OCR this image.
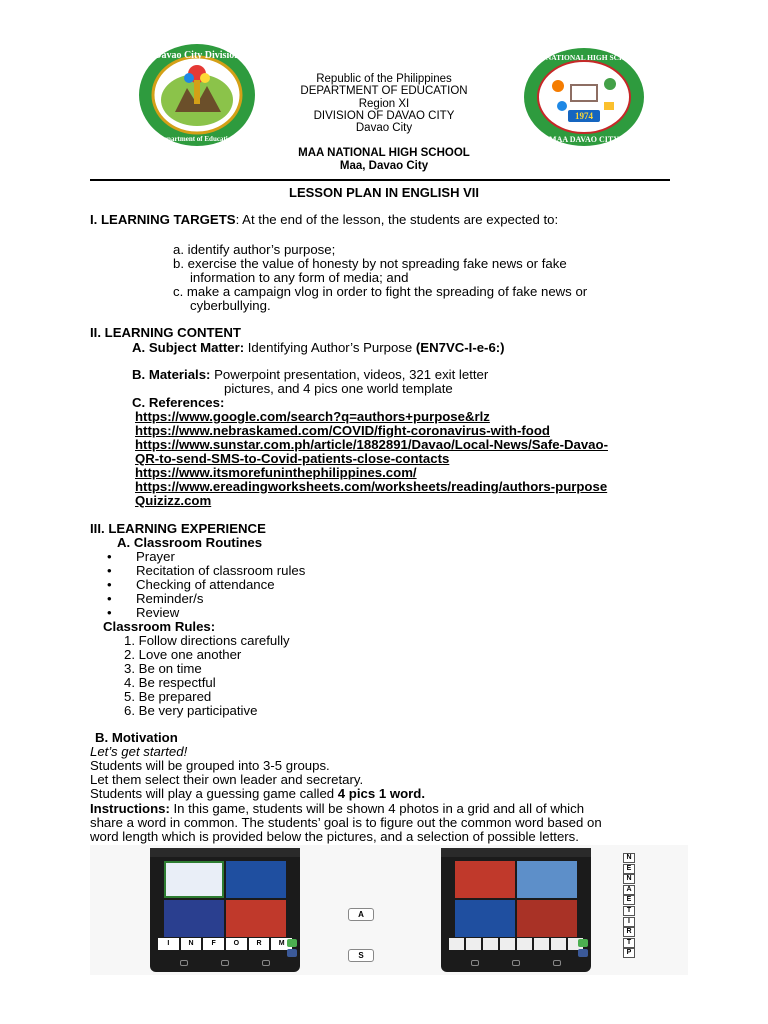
Davao City Division
Department of Education
1974
MAA NATIONAL HIGH SCHOOL
MAA DAVAO CITY
Republic of the Philippines
DEPARTMENT OF EDUCATION
Region XI
DIVISION OF DAVAO CITY
Davao City
MAA NATIONAL HIGH SCHOOL
Maa, Davao City
LESSON PLAN IN ENGLISH VII
I. LEARNING TARGETS: At the end of the lesson, the students are expected to:
a. identify author’s purpose;
b. exercise the value of honesty by not spreading fake news or fake
information to any form of media; and
c. make a campaign vlog in order to fight the spreading of fake news or
cyberbullying.
II. LEARNING CONTENT
A. Subject Matter: Identifying Author’s Purpose (EN7VC-I-e-6:)
B. Materials: Powerpoint presentation, videos, 321 exit letter
pictures, and 4 pics one world template
C. References:
https://www.google.com/search?q=authors+purpose&rlz
https://www.nebraskamed.com/COVID/fight-coronavirus-with-food
https://www.sunstar.com.ph/article/1882891/Davao/Local-News/Safe-Davao-
QR-to-send-SMS-to-Covid-patients-close-contacts
https://www.itsmorefuninthephilippines.com/
https://www.ereadingworksheets.com/worksheets/reading/authors-purpose
Quizizz.com
III. LEARNING EXPERIENCE
A. Classroom Routines
• Prayer
• Recitation of classroom rules
• Checking of attendance
• Reminder/s
• Review
Classroom Rules:
1. Follow directions carefully
2. Love one another
3. Be on time
4. Be respectful
5. Be prepared
6. Be very participative
B. Motivation
Let’s get started!
Students will be grouped into 3-5 groups.
Let them select their own leader and secretary.
Students will play a guessing game called 4 pics 1 word.
Instructions: In this game, students will be shown 4 photos in a grid and all of which
share a word in common. The students’ goal is to figure out the common word based on
word length which is provided below the pictures, and a selection of possible letters.
I	N	F	O	R	M
A
S
N
E
N
A
E
T
I
R
T
P
